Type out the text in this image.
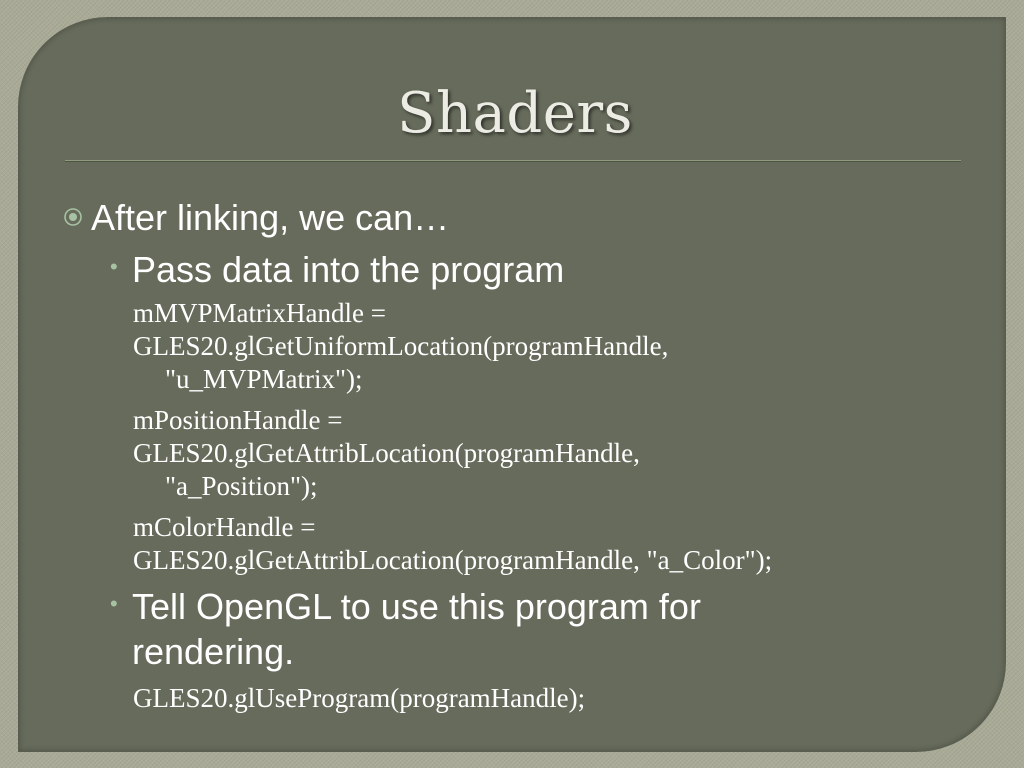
Shaders
After linking, we can…
• Pass data into the program
mMVPMatrixHandle =
GLES20.glGetUniformLocation(programHandle,
"u_MVPMatrix");
mPositionHandle =
GLES20.glGetAttribLocation(programHandle,
"a_Position");
mColorHandle =
GLES20.glGetAttribLocation(programHandle, "a_Color");
• Tell OpenGL to use this program for rendering.
GLES20.glUseProgram(programHandle);
